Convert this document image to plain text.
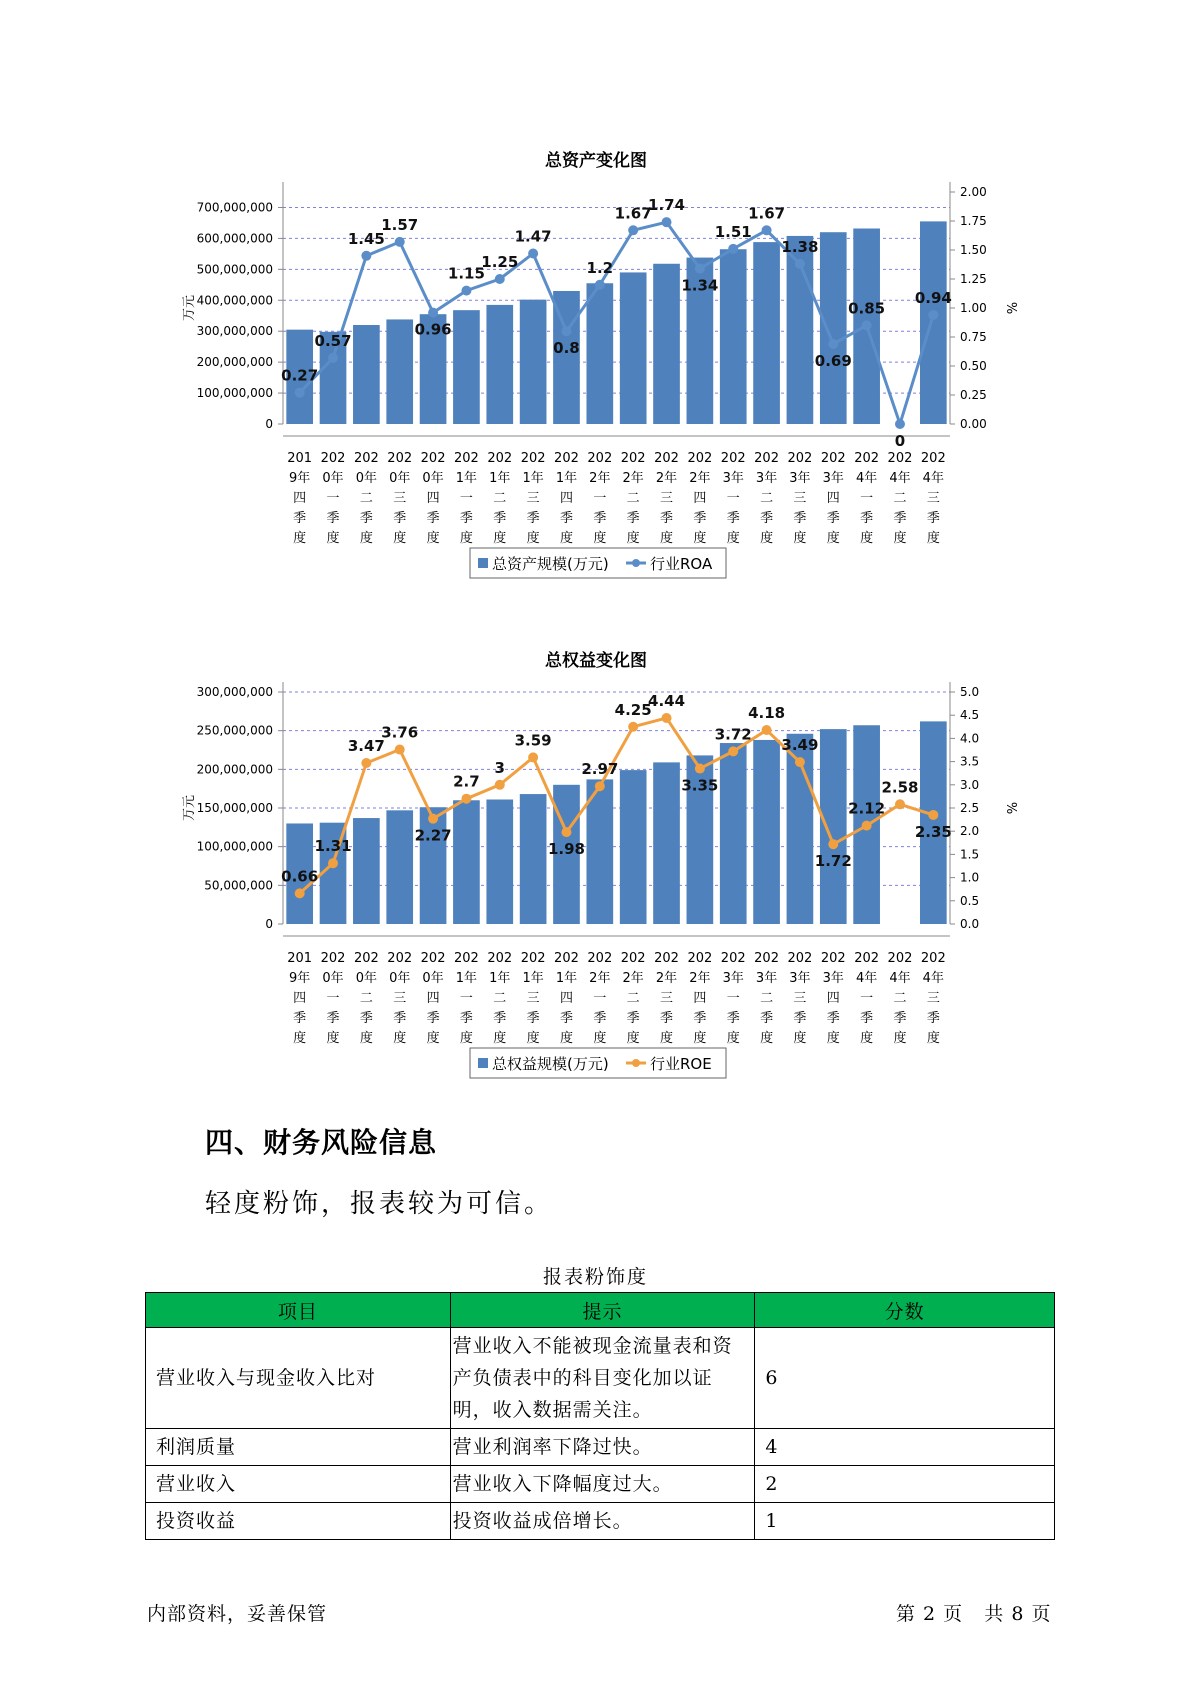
总资产变化图
0
100,000,000
200,000,000
300,000,000
400,000,000
500,000,000
600,000,000
700,000,000
0.00
0.25
0.50
0.75
1.00
1.25
1.50
1.75
2.00
万元	%
201
9年
四
季
度
202
0年
一
季
度
202
0年
二
季
度
202
0年
三
季
度
202
0年
四
季
度
202
1年
一
季
度
202
1年
二
季
度
202
1年
三
季
度
202
1年
四
季
度
202
2年
一
季
度
202
2年
二
季
度
202
2年
三
季
度
202
2年
四
季
度
202
3年
一
季
度
202
3年
二
季
度
202
3年
三
季
度
202
3年
四
季
度
202
4年
一
季
度
202
4年
二
季
度
202
4年
三
季
度
0.27
0.57
1.45
1.57
0.96
1.15
1.25
1.47
0.8
1.2
1.67
1.74
1.34
1.51
1.67
1.38
0.69
0.85
0
0.94
总资产规模(万元)	行业ROA
总权益变化图
0
50,000,000
100,000,000
150,000,000
200,000,000
250,000,000
300,000,000
0.0
0.5
1.0
1.5
2.0
2.5
3.0
3.5
4.0
4.5
5.0
万元	%
201
9年
四
季
度
202
0年
一
季
度
202
0年
二
季
度
202
0年
三
季
度
202
0年
四
季
度
202
1年
一
季
度
202
1年
二
季
度
202
1年
三
季
度
202
1年
四
季
度
202
2年
一
季
度
202
2年
二
季
度
202
2年
三
季
度
202
2年
四
季
度
202
3年
一
季
度
202
3年
二
季
度
202
3年
三
季
度
202
3年
四
季
度
202
4年
一
季
度
202
4年
二
季
度
202
4年
三
季
度
0.66
1.31
3.47
3.76
2.27
2.7
3
3.59
1.98
2.97
4.25
4.44
3.35
3.72
4.18
3.49
1.72
2.12
2.58
2.35
总权益规模(万元)	行业ROE
四、财务风险信息
轻度粉饰，报表较为可信。
报表粉饰度
项目	提示	分数
营业收入与现金收入比对	营业收入不能被现金流量表和资产负债表中的科目变化加以证明，收入数据需关注。	6
利润质量	营业利润率下降过快。	4
营业收入	营业收入下降幅度过大。	2
投资收益	投资收益成倍增长。	1
内部资料，妥善保管	第 2 页   共 8 页
